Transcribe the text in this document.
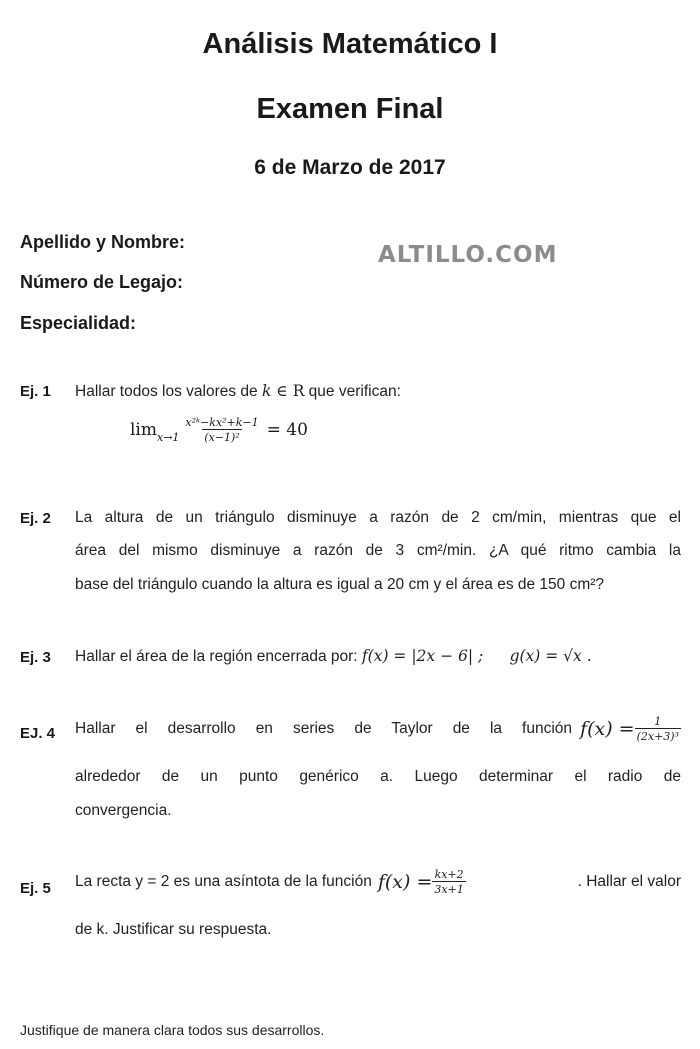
Análisis Matemático I
Examen Final
6 de Marzo de 2017
Apellido y Nombre:
Número de Legajo:
Especialidad:
ALTILLO.COM
Ej. 1 Hallar todos los valores de k ∈ R que verifican:
$\lim x\to 1 \frac{\text{x²ᵏ−kx²+k−1}}{\text{(x−1)²}} = 40$
Ej. 2 La altura de un triángulo disminuye a razón de 2 cm/min, mientras que el
área del mismo disminuye a razón de 3 cm²/min. ¿A qué ritmo cambia la
base del triángulo cuando la altura es igual a 20 cm y el área es de 150 cm²?
Ej. 3 Hallar el área de la región encerrada por: f(x) = |2x − 6| ; g(x) = √x .
EJ. 4 Hallar el desarrollo en series de Taylor de la función $f(x) = \frac{1}{\text{(2x+3)³}}$
alrededor de un punto genérico a. Luego determinar el radio de
convergencia.
Ej. 5 La recta y = 2 es una asíntota de la función $f(x) = \frac{kx+2}{3x+1}$	. Hallar el valor
de k. Justificar su respuesta.
Justifique de manera clara todos sus desarrollos.
